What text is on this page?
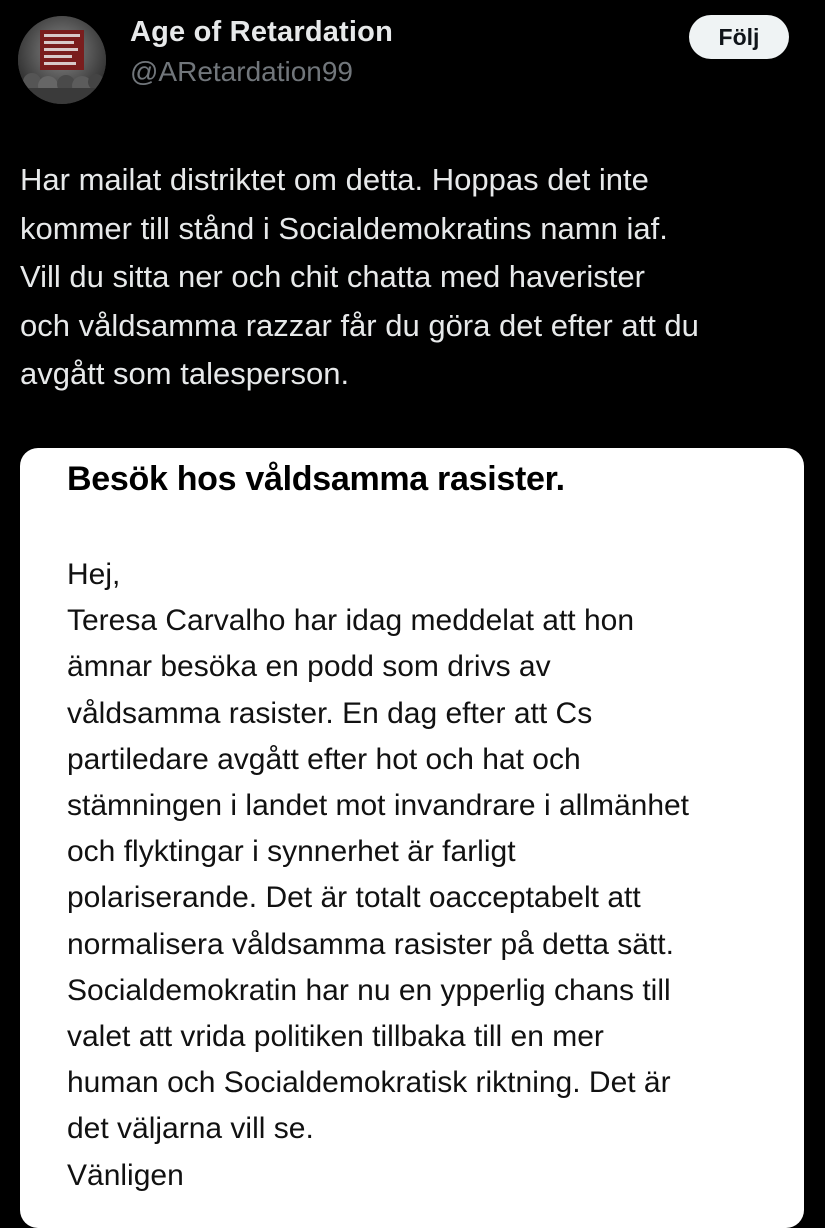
Age of Retardation
@ARetardation99
Följ
Har mailat distriktet om detta. Hoppas det inte
kommer till stånd i Socialdemokratins namn iaf.
Vill du sitta ner och chit chatta med haverister
och våldsamma razzar får du göra det efter att du
avgått som talesperson.
Besök hos våldsamma rasister.
Hej,
Teresa Carvalho har idag meddelat att hon
ämnar besöka en podd som drivs av
våldsamma rasister. En dag efter att Cs
partiledare avgått efter hot och hat och
stämningen i landet mot invandrare i allmänhet
och flyktingar i synnerhet är farligt
polariserande. Det är totalt oacceptabelt att
normalisera våldsamma rasister på detta sätt.
Socialdemokratin har nu en ypperlig chans till
valet att vrida politiken tillbaka till en mer
human och Socialdemokratisk riktning. Det är
det väljarna vill se.
Vänligen
